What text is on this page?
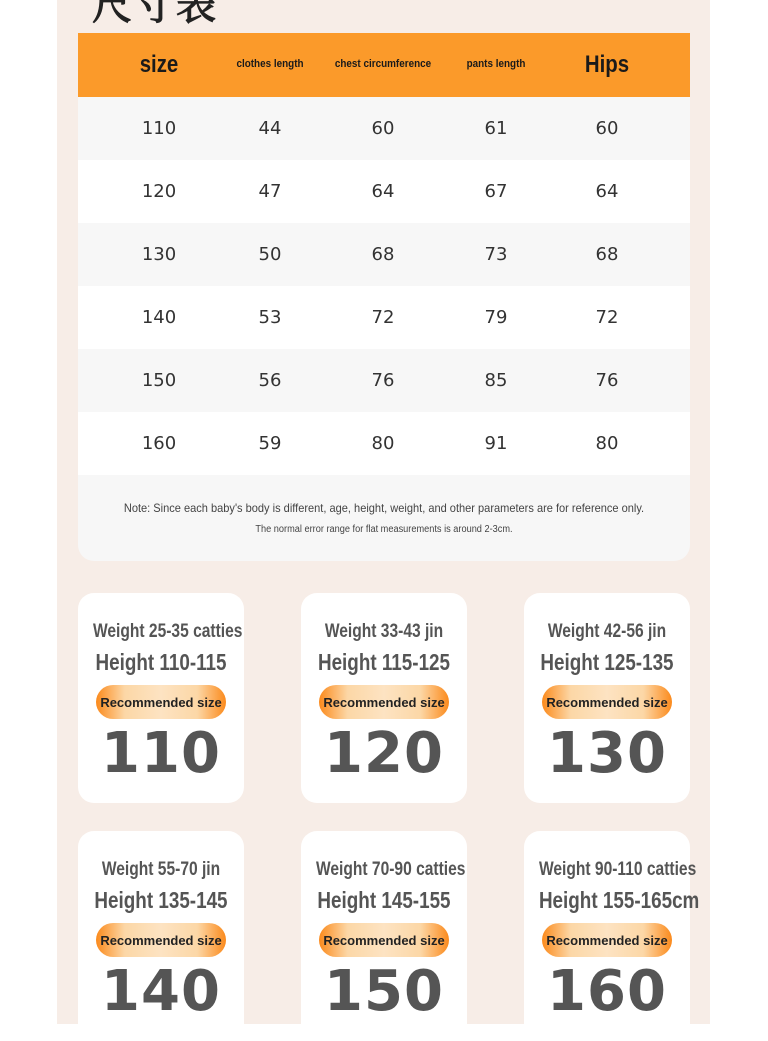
size	clothes length	chest circumference	pants length	Hips
110	44	60	61	60
120	47	64	67	64
130	50	68	73	68
140	53	72	79	72
150	56	76	85	76
160	59	80	91	80
Note: Since each baby's body is different, age, height, weight, and other parameters are for reference only.
The normal error range for flat measurements is around 2-3cm.
Weight 25-35 catties
Height 110-115
Recommended size
110
Weight 33-43 jin
Height 115-125
Recommended size
120
Weight 42-56 jin
Height 125-135
Recommended size
130
Weight 55-70 jin
Height 135-145
Recommended size
140
Weight 70-90 catties
Height 145-155
Recommended size
150
Weight 90-110 catties
Height 155-165cm
Recommended size
160
